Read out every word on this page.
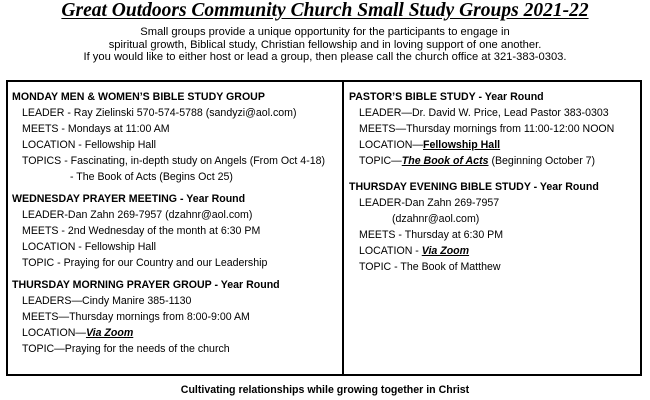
Great Outdoors Community Church Small Study Groups 2021-22
Small groups provide a unique opportunity for the participants to engage in
spiritual growth, Biblical study, Christian fellowship and in loving support of one another.
If you would like to either host or lead a group, then please call the church office at 321-383-0303.
MONDAY MEN & WOMEN’S BIBLE STUDY GROUP
LEADER - Ray Zielinski 570-574-5788 (sandyzi@aol.com)
MEETS - Mondays at 11:00 AM
LOCATION - Fellowship Hall
TOPICS - Fascinating, in-depth study on Angels (From Oct 4-18)
- The Book of Acts (Begins Oct 25)
WEDNESDAY PRAYER MEETING - Year Round
LEADER-Dan Zahn 269-7957 (dzahnr@aol.com)
MEETS - 2nd Wednesday of the month at 6:30 PM
LOCATION - Fellowship Hall
TOPIC - Praying for our Country and our Leadership
THURSDAY MORNING PRAYER GROUP - Year Round
LEADERS—Cindy Manire 385-1130
MEETS—Thursday mornings from 8:00-9:00 AM
LOCATION—Via Zoom
TOPIC—Praying for the needs of the church
PASTOR’S BIBLE STUDY - Year Round
LEADER—Dr. David W. Price, Lead Pastor 383-0303
MEETS—Thursday mornings from 11:00-12:00 NOON
LOCATION—Fellowship Hall
TOPIC—The Book of Acts (Beginning October 7)
THURSDAY EVENING BIBLE STUDY - Year Round
LEADER-Dan Zahn 269-7957
(dzahnr@aol.com)
MEETS - Thursday at 6:30 PM
LOCATION - Via Zoom
TOPIC - The Book of Matthew
Cultivating relationships while growing together in Christ
